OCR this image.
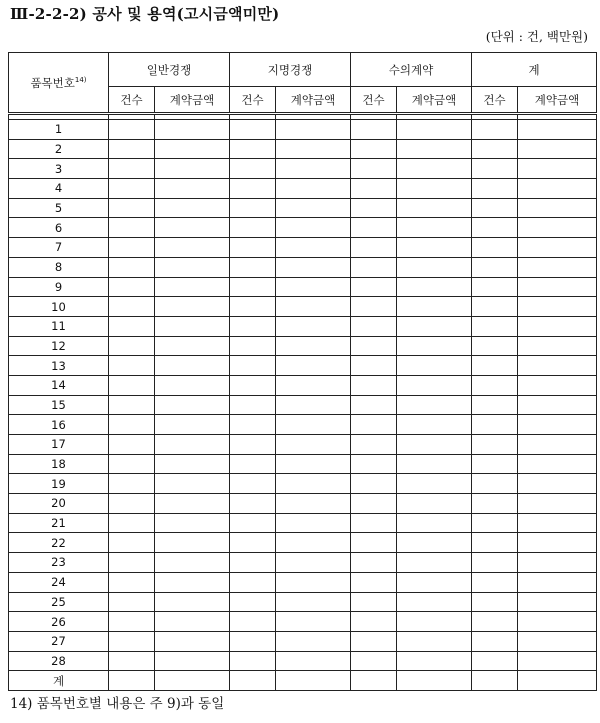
Ⅲ-2-2-2) 공사 및 용역(고시금액미만)
(단위 : 건, 백만원)
품목번호$^{14)}$	일반경쟁		지명경쟁		수의계약		계	
	건수	계약금액	건수	계약금액	건수	계약금액	건수	계약금액

1								
2								
3								
4								
5								
6								
7								
8								
9								
10								
11								
12								
13								
14								
15								
16								
17								
18								
19								
20								
21								
22								
23								
24								
25								
26								
27								
28								
계								
14) 품목번호별 내용은 주 9)과 동일
